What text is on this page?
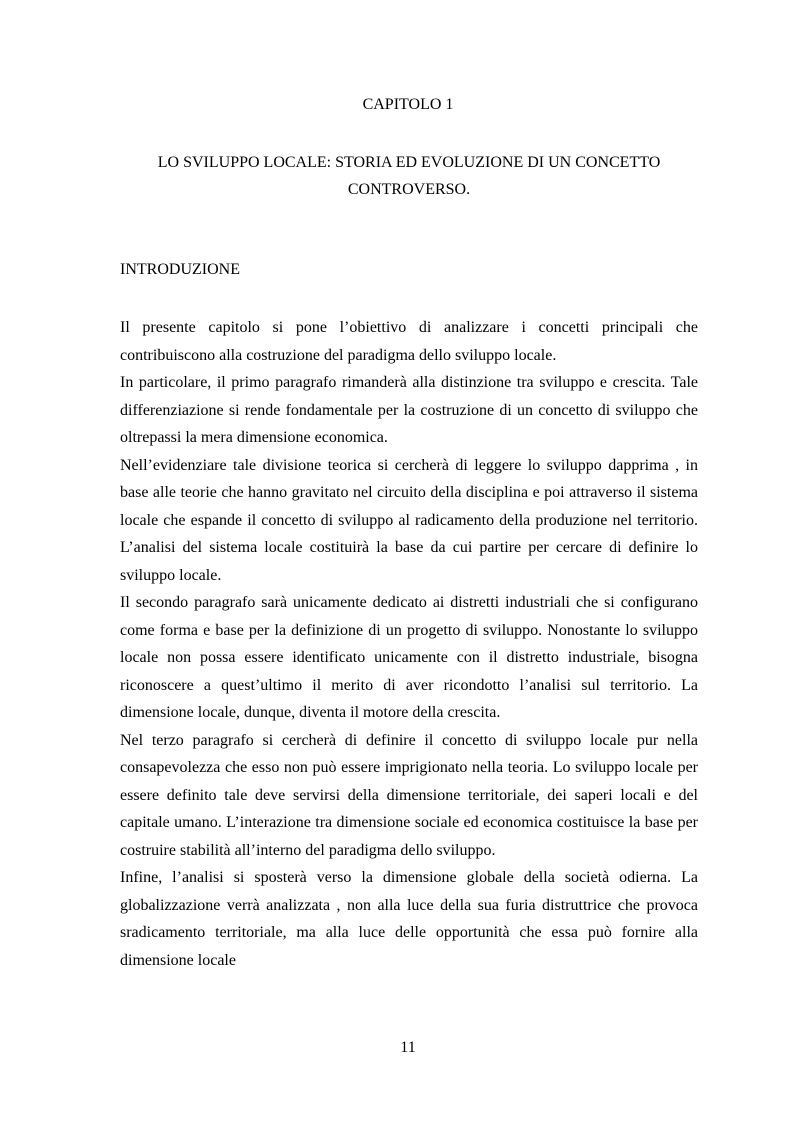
CAPITOLO 1
LO SVILUPPO LOCALE: STORIA ED EVOLUZIONE DI UN CONCETTO
CONTROVERSO.
INTRODUZIONE

Il presente capitolo si pone l’obiettivo di analizzare i concetti principali che contribuiscono alla costruzione del paradigma dello sviluppo locale.

In particolare, il primo paragrafo rimanderà alla distinzione tra sviluppo e crescita. Tale differenziazione si rende fondamentale per la costruzione di un concetto di sviluppo che oltrepassi la mera dimensione economica.

Nell’evidenziare tale divisione teorica si cercherà di leggere lo sviluppo dapprima , in base alle teorie che hanno gravitato nel circuito della disciplina e poi attraverso il sistema locale che espande il concetto di sviluppo al radicamento della produzione nel territorio. L’analisi del sistema locale costituirà la base da cui partire per cercare di definire lo sviluppo locale.

Il secondo paragrafo sarà unicamente dedicato ai distretti industriali che si configurano come forma e base per la definizione di un progetto di sviluppo. Nonostante lo sviluppo locale non possa essere identificato unicamente con il distretto industriale, bisogna riconoscere a quest’ultimo il merito di aver ricondotto l’analisi sul territorio. La dimensione locale, dunque, diventa il motore della crescita.

Nel terzo paragrafo si cercherà di definire il concetto di sviluppo locale pur nella consapevolezza che esso non può essere imprigionato nella teoria. Lo sviluppo locale per essere definito tale deve servirsi della dimensione territoriale, dei saperi locali e del capitale umano. L’interazione tra dimensione sociale ed economica costituisce la base per costruire stabilità all’interno del paradigma dello sviluppo.

Infine, l’analisi si sposterà verso la dimensione globale della società odierna. La globalizzazione verrà analizzata , non alla luce della sua furia distruttrice che provoca sradicamento territoriale, ma alla luce delle opportunità che essa può fornire alla dimensione locale

11
